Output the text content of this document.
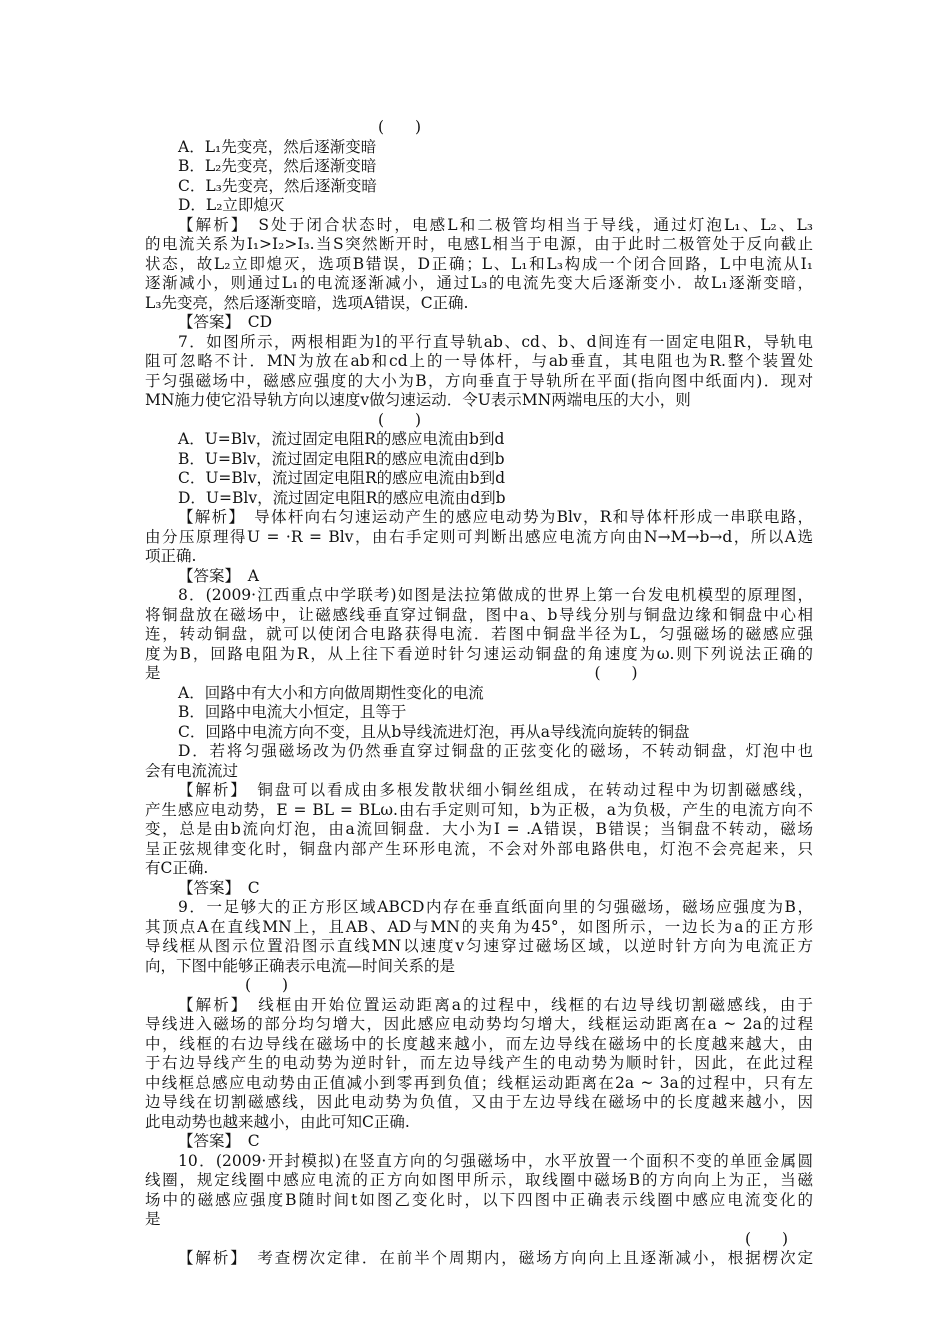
(　　)
A．L₁先变亮，然后逐渐变暗
B．L₂先变亮，然后逐渐变暗
C．L₃先变亮，然后逐渐变暗
D．L₂立即熄灭
【解析】　S处于闭合状态时，电感L和二极管均相当于导线，通过灯泡L₁、L₂、L₃
的电流关系为I₁>I₂>I₃.当S突然断开时，电感L相当于电源，由于此时二极管处于反向截止
状态，故L₂立即熄灭，选项B错误，D正确；L、L₁和L₃构成一个闭合回路，L中电流从I₁
逐渐减小，则通过L₁的电流逐渐减小，通过L₃的电流先变大后逐渐变小．故L₁逐渐变暗，
L₃先变亮，然后逐渐变暗，选项A错误，C正确.
【答案】　CD
7．如图所示，两根相距为l的平行直导轨ab、cd、b、d间连有一固定电阻R，导轨电
阻可忽略不计．MN为放在ab和cd上的一导体杆，与ab垂直，其电阻也为R.整个装置处
于匀强磁场中，磁感应强度的大小为B，方向垂直于导轨所在平面(指向图中纸面内)．现对
MN施力使它沿导轨方向以速度v做匀速运动．令U表示MN两端电压的大小，则
(　　)
A．U=Blv，流过固定电阻R的感应电流由b到d
B．U=Blv，流过固定电阻R的感应电流由d到b
C．U=Blv，流过固定电阻R的感应电流由b到d
D．U=Blv，流过固定电阻R的感应电流由d到b
【解析】　导体杆向右匀速运动产生的感应电动势为Blv，R和导体杆形成一串联电路，
由分压原理得U = ·R = Blv，由右手定则可判断出感应电流方向由N→M→b→d，所以A选
项正确.
【答案】　A
8．(2009·江西重点中学联考)如图是法拉第做成的世界上第一台发电机模型的原理图，
将铜盘放在磁场中，让磁感线垂直穿过铜盘，图中a、b导线分别与铜盘边缘和铜盘中心相
连，转动铜盘，就可以使闭合电路获得电流．若图中铜盘半径为L，匀强磁场的磁感应强
度为B，回路电阻为R，从上往下看逆时针匀速运动铜盘的角速度为ω.则下列说法正确的
是　　　　　　　　　　　　　　　　　　　　　　　　　　　　(　　)
A．回路中有大小和方向做周期性变化的电流
B．回路中电流大小恒定，且等于
C．回路中电流方向不变，且从b导线流进灯泡，再从a导线流向旋转的铜盘
D．若将匀强磁场改为仍然垂直穿过铜盘的正弦变化的磁场，不转动铜盘，灯泡中也
会有电流流过
【解析】　铜盘可以看成由多根发散状细小铜丝组成，在转动过程中为切割磁感线，
产生感应电动势，E = BL = BLω.由右手定则可知，b为正极，a为负极，产生的电流方向不
变，总是由b流向灯泡，由a流回铜盘．大小为I = .A错误，B错误；当铜盘不转动，磁场
呈正弦规律变化时，铜盘内部产生环形电流，不会对外部电路供电，灯泡不会亮起来，只
有C正确.
【答案】　C
9．一足够大的正方形区域ABCD内存在垂直纸面向里的匀强磁场，磁场应强度为B，
其顶点A在直线MN上，且AB、AD与MN的夹角为45°，如图所示，一边长为a的正方形
导线框从图示位置沿图示直线MN以速度v匀速穿过磁场区域，以逆时针方向为电流正方
向，下图中能够正确表示电流—时间关系的是
(　　)
【解析】　线框由开始位置运动距离a的过程中，线框的右边导线切割磁感线，由于
导线进入磁场的部分均匀增大，因此感应电动势均匀增大，线框运动距离在a ~ 2a的过程
中，线框的右边导线在磁场中的长度越来越小，而左边导线在磁场中的长度越来越大，由
于右边导线产生的电动势为逆时针，而左边导线产生的电动势为顺时针，因此，在此过程
中线框总感应电动势由正值减小到零再到负值；线框运动距离在2a ~ 3a的过程中，只有左
边导线在切割磁感线，因此电动势为负值，又由于左边导线在磁场中的长度越来越小，因
此电动势也越来越小，由此可知C正确.
【答案】　C
10．(2009·开封模拟)在竖直方向的匀强磁场中，水平放置一个面积不变的单匝金属圆
线圈，规定线圈中感应电流的正方向如图甲所示，取线圈中磁场B的方向向上为正，当磁
场中的磁感应强度B随时间t如图乙变化时，以下四图中正确表示线圈中感应电流变化的
是
(　　)
【解析】　考查楞次定律．在前半个周期内，磁场方向向上且逐渐减小，根据楞次定
